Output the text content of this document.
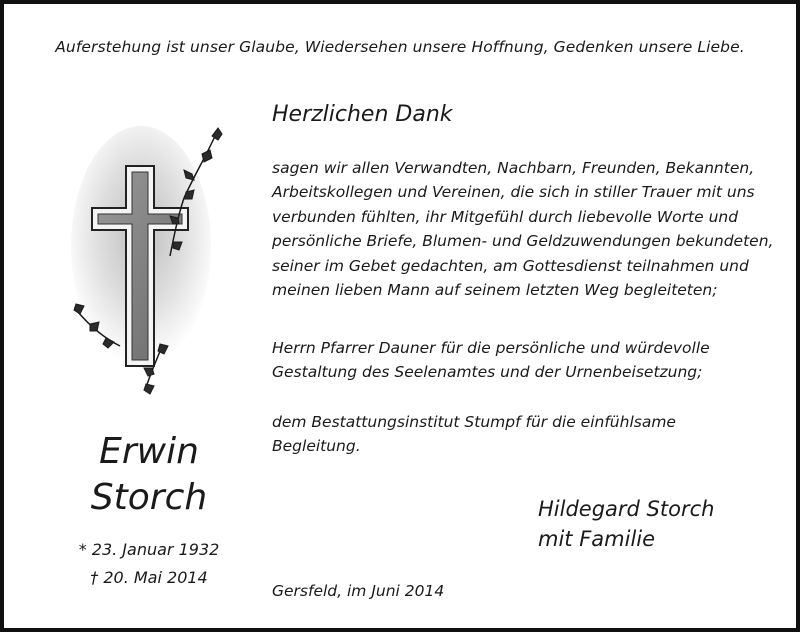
Auferstehung ist unser Glaube, Wiedersehen unsere Hoffnung, Gedenken unsere Liebe.
Herzlichen Dank
sagen wir allen Verwandten, Nachbarn, Freunden, Bekannten,
Arbeitskollegen und Vereinen, die sich in stiller Trauer mit uns
verbunden fühlten, ihr Mitgefühl durch liebevolle Worte und
persönliche Briefe, Blumen- und Geldzuwendungen bekundeten,
seiner im Gebet gedachten, am Gottesdienst teilnahmen und
meinen lieben Mann auf seinem letzten Weg begleiteten;
Herrn Pfarrer Dauner für die persönliche und würdevolle
Gestaltung des Seelenamtes und der Urnenbeisetzung;
dem Bestattungsinstitut Stumpf für die einfühlsame
Begleitung.
Erwin
Storch
* 23. Januar 1932
† 20. Mai 2014
Hildegard Storch
mit Familie
Gersfeld, im Juni 2014
